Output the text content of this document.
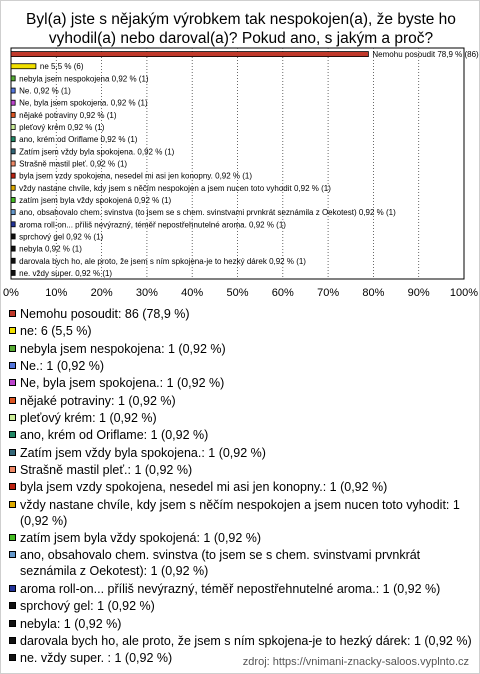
Byl(a) jste s nějakým výrobkem tak nespokojen(a), že byste ho vyhodil(a) nebo daroval(a)? Pokud ano, s jakým a proč?
0% 10% 20% 30% 40% 50% 60% 70% 80% 90% 100%
Nemohu posoudit 78,9 % (86)
ne 5,5 % (6)
nebyla jsem nespokojena 0,92 % (1)
Ne. 0,92 % (1)
Ne, byla jsem spokojena. 0,92 % (1)
nějaké potraviny 0,92 % (1)
pleťový krém 0,92 % (1)
ano, krém od Oriflame 0,92 % (1)
Zatím jsem vždy byla spokojena. 0,92 % (1)
Strašně mastil pleť. 0,92 % (1)
byla jsem vzdy spokojena, nesedel mi asi jen konopny. 0,92 % (1)
vždy nastane chvíle, kdy jsem s něčím nespokojen a jsem nucen toto vyhodit 0,92 % (1)
zatím jsem byla vždy spokojená 0,92 % (1)
ano, obsahovalo chem. svinstva (to jsem se s chem. svinstvami prvnkrát seznámila z Oekotest) 0,92 % (1)
aroma roll-on... příliš nevýrazný, téměř nepostřehnutelné aroma. 0,92 % (1)
sprchový gel 0,92 % (1)
nebyla 0,92 % (1)
darovala bych ho, ale proto, že jsem s ním spkojena-je to hezký dárek 0,92 % (1)
ne. vždy super. 0,92 % (1)
Nemohu posoudit: 86 (78,9 %)
ne: 6 (5,5 %)
nebyla jsem nespokojena: 1 (0,92 %)
Ne.: 1 (0,92 %)
Ne, byla jsem spokojena.: 1 (0,92 %)
nějaké potraviny: 1 (0,92 %)
pleťový krém: 1 (0,92 %)
ano, krém od Oriflame: 1 (0,92 %)
Zatím jsem vždy byla spokojena.: 1 (0,92 %)
Strašně mastil pleť.: 1 (0,92 %)
byla jsem vzdy spokojena, nesedel mi asi jen konopny.: 1 (0,92 %)
vždy nastane chvíle, kdy jsem s něčím nespokojen a jsem nucen toto vyhodit: 1 (0,92 %)
zatím jsem byla vždy spokojená: 1 (0,92 %)
ano, obsahovalo chem. svinstva (to jsem se s chem. svinstvami prvnkrát seznámila z Oekotest): 1 (0,92 %)
aroma roll-on... příliš nevýrazný, téměř nepostřehnutelné aroma.: 1 (0,92 %)
sprchový gel: 1 (0,92 %)
nebyla: 1 (0,92 %)
darovala bych ho, ale proto, že jsem s ním spkojena-je to hezký dárek: 1 (0,92 %)
ne. vždy super. : 1 (0,92 %)	zdroj: https://vnimani-znacky-saloos.vyplnto.cz
